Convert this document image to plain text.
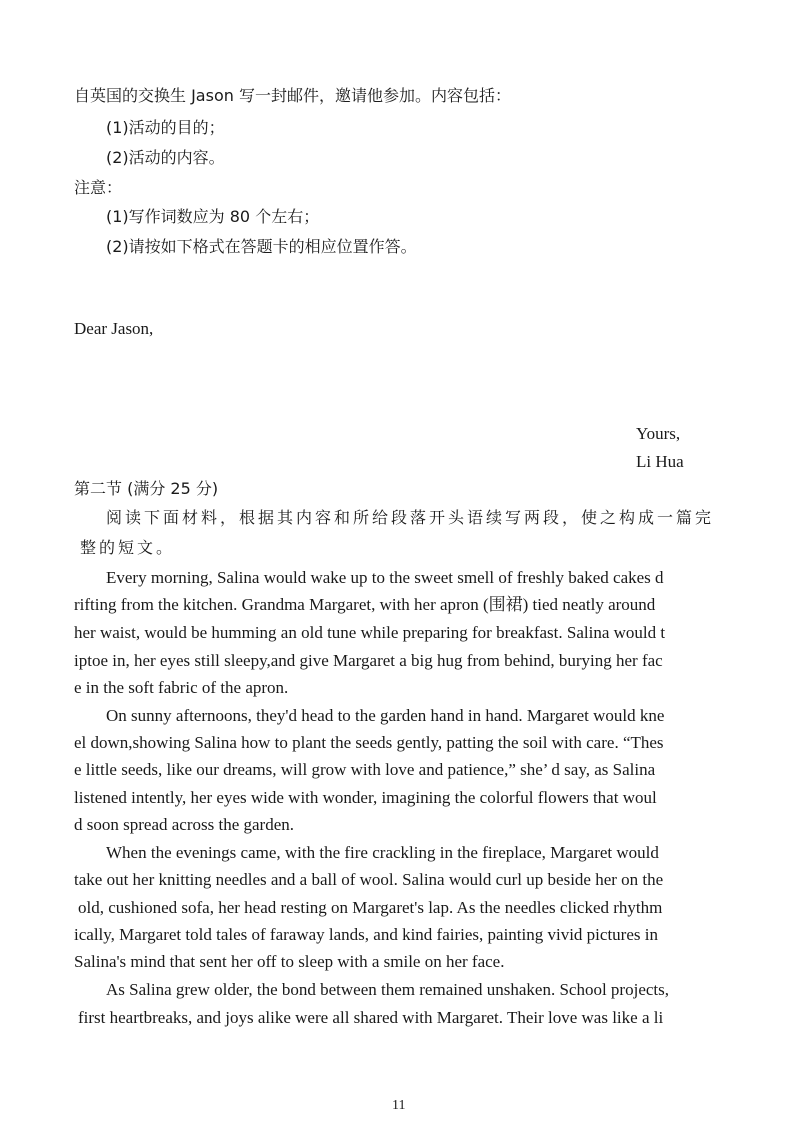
自英国的交换生 Jason 写一封邮件，邀请他参加。内容包括：
(1)活动的目的；
(2)活动的内容。
注意：
(1)写作词数应为 80 个左右；
(2)请按如下格式在答题卡的相应位置作答。
Dear Jason,
Yours,
Li Hua
第二节 (满分 25 分)
阅读下面材料，根据其内容和所给段落开头语续写两段，使之构成一篇完
整的短文。
Every morning, Salina would wake up to the sweet smell of freshly baked cakes d
rifting from the kitchen. Grandma Margaret, with her apron (围裙) tied neatly around
her waist, would be humming an old tune while preparing for breakfast. Salina would t
iptoe in, her eyes still sleepy,and give Margaret a big hug from behind, burying her fac
e in the soft fabric of the apron.
On sunny afternoons, they'd head to the garden hand in hand. Margaret would kne
el down,showing Salina how to plant the seeds gently, patting the soil with care. “Thes
e little seeds, like our dreams, will grow with love and patience,” she’ d say, as Salina
listened intently, her eyes wide with wonder, imagining the colorful flowers that woul
d soon spread across the garden.
When the evenings came, with the fire crackling in the fireplace, Margaret would
take out her knitting needles and a ball of wool. Salina would curl up beside her on the
old, cushioned sofa, her head resting on Margaret's lap. As the needles clicked rhythm
ically, Margaret told tales of faraway lands, and kind fairies, painting vivid pictures in
Salina's mind that sent her off to sleep with a smile on her face.
As Salina grew older, the bond between them remained unshaken. School projects,
first heartbreaks, and joys alike were all shared with Margaret. Their love was like a li
11
